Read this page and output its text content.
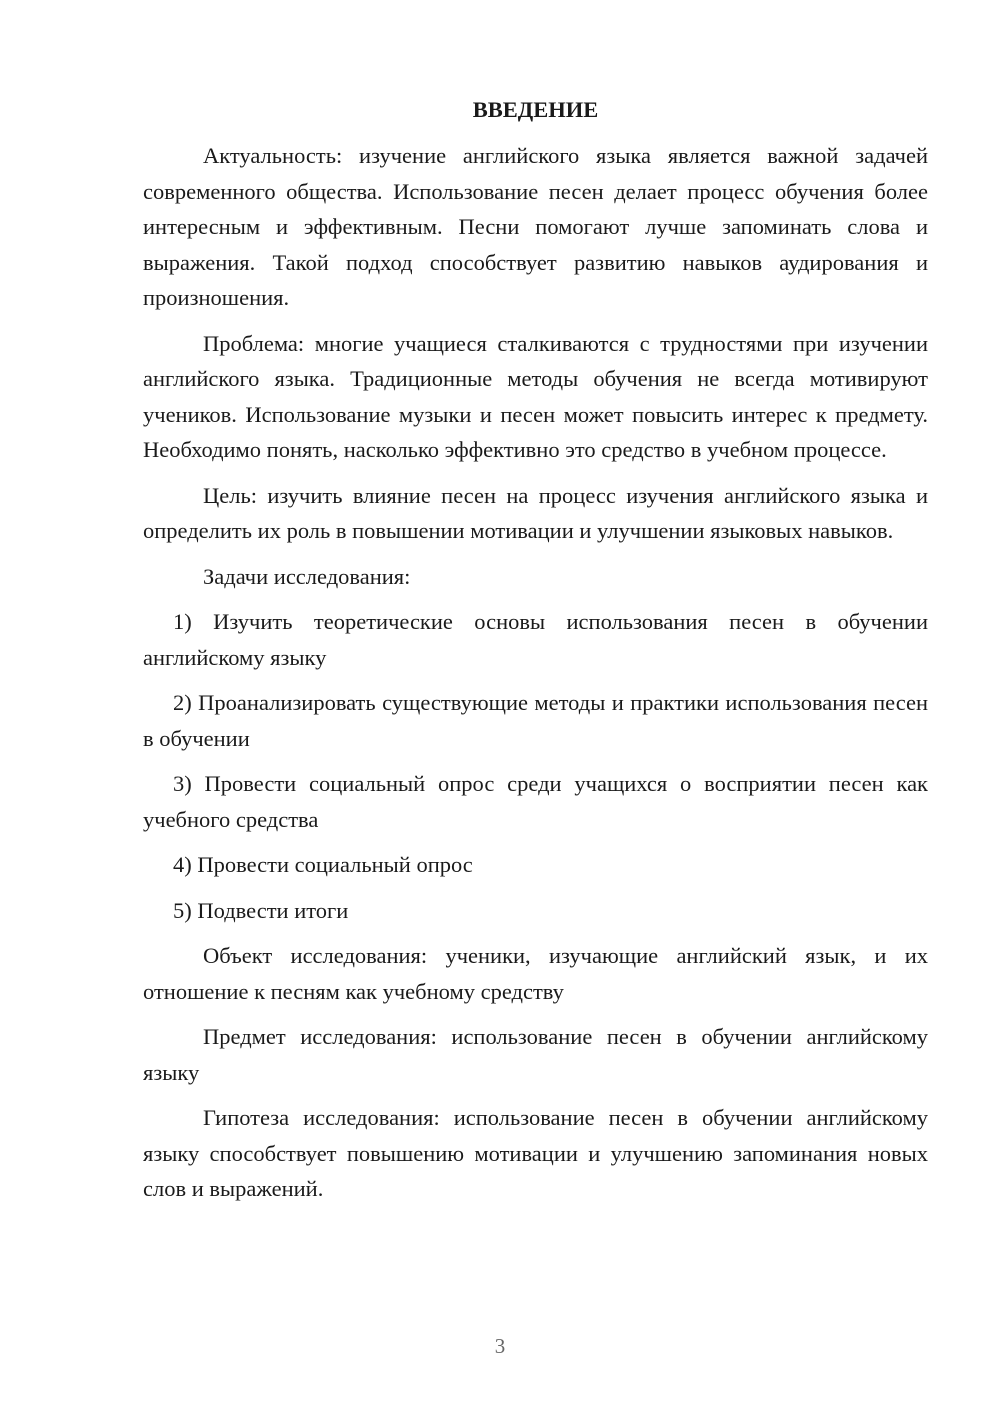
ВВЕДЕНИЕ

Актуальность: изучение английского языка является важной задачей современного общества. Использование песен делает процесс обучения более интересным и эффективным. Песни помогают лучше запоминать слова и выражения. Такой подход способствует развитию навыков аудирования и произношения.

Проблема: многие учащиеся сталкиваются с трудностями при изучении английского языка. Традиционные методы обучения не всегда мотивируют учеников. Использование музыки и песен может повысить интерес к предмету. Необходимо понять, насколько эффективно это средство в учебном процессе.

Цель: изучить влияние песен на процесс изучения английского языка и определить их роль в повышении мотивации и улучшении языковых навыков.

Задачи исследования:

1) Изучить теоретические основы использования песен в обучении английскому языку

2) Проанализировать существующие методы и практики использования песен в обучении

3) Провести социальный опрос среди учащихся о восприятии песен как учебного средства

4) Провести социальный опрос

5) Подвести итоги

Объект исследования: ученики, изучающие английский язык, и их отношение к песням как учебному средству

Предмет исследования: использование песен в обучении английскому языку

Гипотеза исследования: использование песен в обучении английскому языку способствует повышению мотивации и улучшению запоминания новых слов и выражений.

3
